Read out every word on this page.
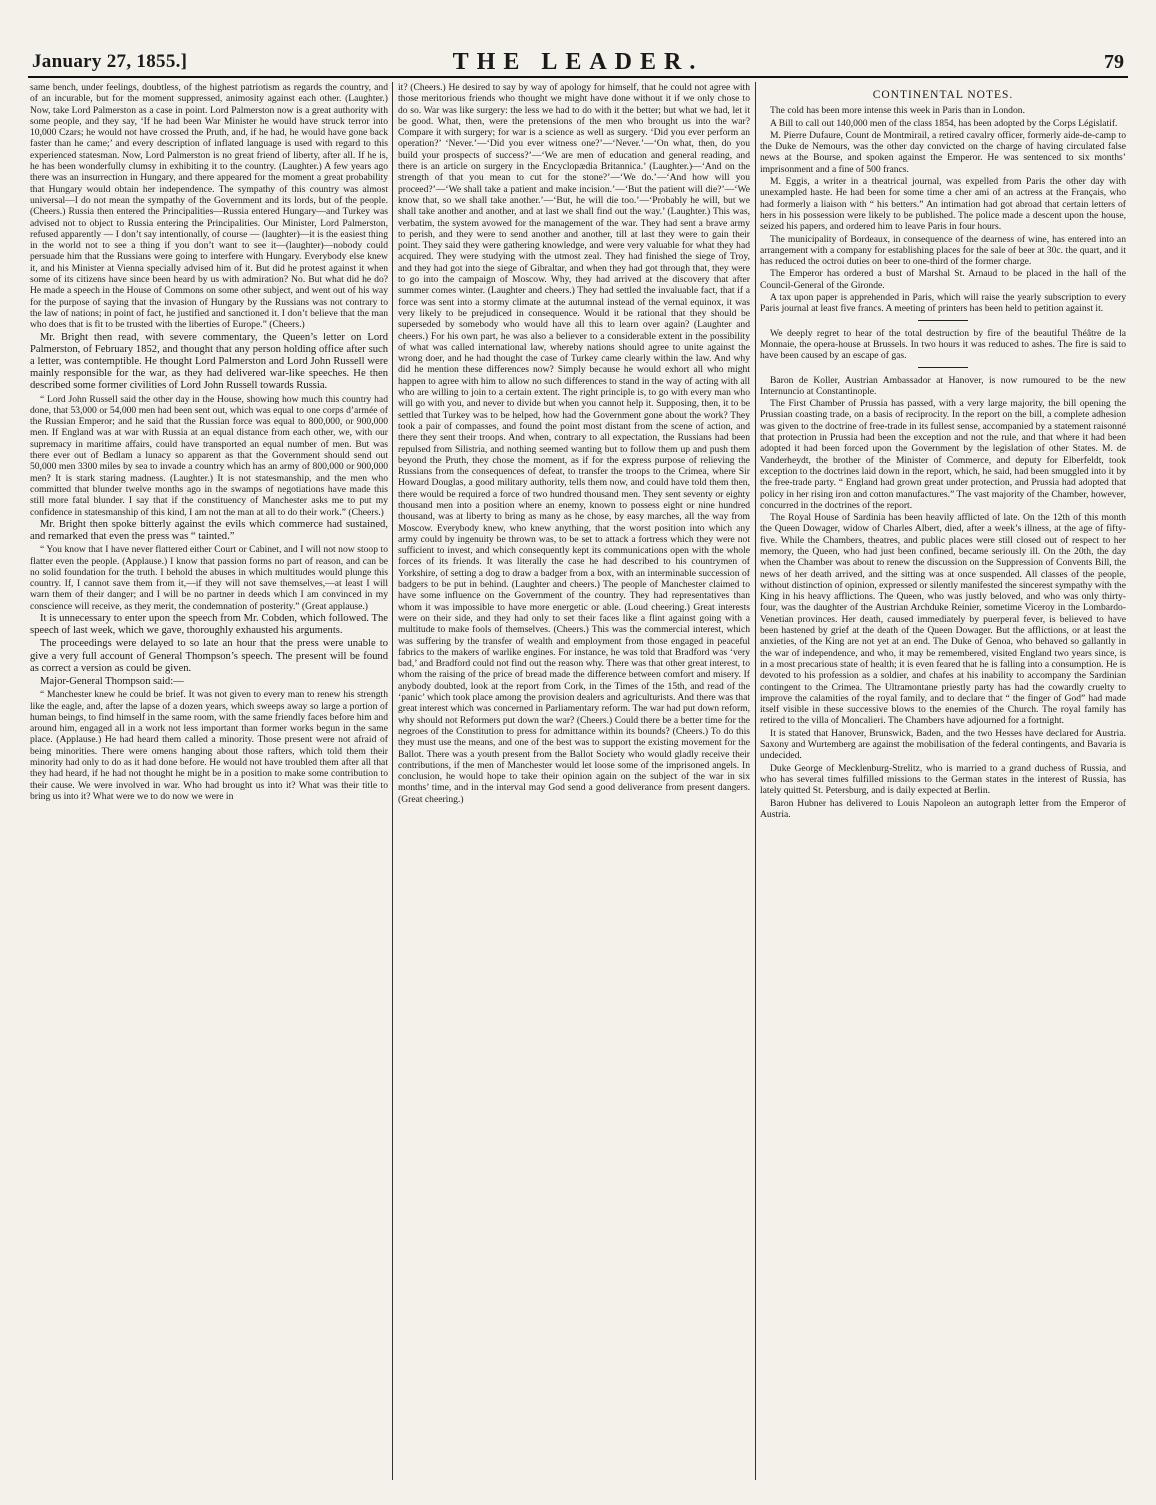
January 27, 1855.]	THE LEADER.	79

same bench, under feelings, doubtless, of the highest patriotism as regards the country, and of an incurable, but for the moment suppressed, animosity against each other. (Laughter.) Now, take Lord Palmerston as a case in point. Lord Palmerston now is a great authority with some people, and they say, ‘If he had been War Minister he would have struck terror into 10,000 Czars; he would not have crossed the Pruth, and, if he had, he would have gone back faster than he came;’ and every description of inflated language is used with regard to this experienced statesman. Now, Lord Palmerston is no great friend of liberty, after all. If he is, he has been wonderfully clumsy in exhibiting it to the country. (Laughter.) A few years ago there was an insurrection in Hungary, and there appeared for the moment a great probability that Hungary would obtain her independence. The sympathy of this country was almost universal—I do not mean the sympathy of the Government and its lords, but of the people. (Cheers.) Russia then entered the Principalities—Russia entered Hungary—and Turkey was advised not to object to Russia entering the Principalities. Our Minister, Lord Palmerston, refused apparently — I don’t say intentionally, of course — (laughter)—it is the easiest thing in the world not to see a thing if you don’t want to see it—(laughter)—nobody could persuade him that the Russians were going to interfere with Hungary. Everybody else knew it, and his Minister at Vienna specially advised him of it. But did he protest against it when some of its citizens have since been heard by us with admiration? No. But what did he do? He made a speech in the House of Commons on some other subject, and went out of his way for the purpose of saying that the invasion of Hungary by the Russians was not contrary to the law of nations; in point of fact, he justified and sanctioned it. I don’t believe that the man who does that is fit to be trusted with the liberties of Europe.” (Cheers.)

Mr. Bright then read, with severe commentary, the Queen’s letter on Lord Palmerston, of February 1852, and thought that any person holding office after such a letter, was contemptible. He thought Lord Palmerston and Lord John Russell were mainly responsible for the war, as they had delivered war-like speeches. He then described some former civilities of Lord John Russell towards Russia.

“ Lord John Russell said the other day in the House, showing how much this country had done, that 53,000 or 54,000 men had been sent out, which was equal to one corps d’armée of the Russian Emperor; and he said that the Russian force was equal to 800,000, or 900,000 men. If England was at war with Russia at an equal distance from each other, we, with our supremacy in maritime affairs, could have transported an equal number of men. But was there ever out of Bedlam a lunacy so apparent as that the Government should send out 50,000 men 3300 miles by sea to invade a country which has an army of 800,000 or 900,000 men? It is stark staring madness. (Laughter.) It is not statesmanship, and the men who committed that blunder twelve months ago in the swamps of negotiations have made this still more fatal blunder. I say that if the constituency of Manchester asks me to put my confidence in statesmanship of this kind, I am not the man at all to do their work.” (Cheers.)

Mr. Bright then spoke bitterly against the evils which commerce had sustained, and remarked that even the press was “ tainted.”

“ You know that I have never flattered either Court or Cabinet, and I will not now stoop to flatter even the people. (Applause.) I know that passion forms no part of reason, and can be no solid foundation for the truth. I behold the abuses in which multitudes would plunge this country. If, I cannot save them from it,—if they will not save themselves,—at least I will warn them of their danger; and I will be no partner in deeds which I am convinced in my conscience will receive, as they merit, the condemnation of posterity.” (Great applause.)

It is unnecessary to enter upon the speech from Mr. Cobden, which followed. The speech of last week, which we gave, thoroughly exhausted his arguments.

The proceedings were delayed to so late an hour that the press were unable to give a very full account of General Thompson’s speech. The present will be found as correct a version as could be given.

Major-General Thompson said:—

“ Manchester knew he could be brief. It was not given to every man to renew his strength like the eagle, and, after the lapse of a dozen years, which sweeps away so large a portion of human beings, to find himself in the same room, with the same friendly faces before him and around him, engaged all in a work not less important than former works begun in the same place. (Applause.) He had heard them called a minority. Those present were not afraid of being minorities. There were omens hanging about those rafters, which told them their minority had only to do as it had done before. He would not have troubled them after all that they had heard, if he had not thought he might be in a position to make some contribution to their cause. We were involved in war. Who had brought us into it? What was their title to bring us into it? What were we to do now we were in

it? (Cheers.) He desired to say by way of apology for himself, that he could not agree with those meritorious friends who thought we might have done without it if we only chose to do so. War was like surgery: the less we had to do with it the better; but what we had, let it be good. What, then, were the pretensions of the men who brought us into the war? Compare it with surgery; for war is a science as well as surgery. ‘Did you ever perform an operation?’ ‘Never.’—‘Did you ever witness one?’—‘Never.’—‘On what, then, do you build your prospects of success?’—‘We are men of education and general reading, and there is an article on surgery in the Encyclopædia Britannica.’ (Laughter.)—‘And on the strength of that you mean to cut for the stone?’—‘We do.’—‘And how will you proceed?’—‘We shall take a patient and make incision.’—‘But the patient will die?’—‘We know that, so we shall take another.’—‘But, he will die too.’—‘Probably he will, but we shall take another and another, and at last we shall find out the way.’ (Laughter.) This was, verbatim, the system avowed for the management of the war. They had sent a brave army to perish, and they were to send another and another, till at last they were to gain their point. They said they were gathering knowledge, and were very valuable for what they had acquired. They were studying with the utmost zeal. They had finished the siege of Troy, and they had got into the siege of Gibraltar, and when they had got through that, they were to go into the campaign of Moscow. Why, they had arrived at the discovery that after summer comes winter. (Laughter and cheers.) They had settled the invaluable fact, that if a force was sent into a stormy climate at the autumnal instead of the vernal equinox, it was very likely to be prejudiced in consequence. Would it be rational that they should be superseded by somebody who would have all this to learn over again? (Laughter and cheers.) For his own part, he was also a believer to a considerable extent in the possibility of what was called international law, whereby nations should agree to unite against the wrong doer, and he had thought the case of Turkey came clearly within the law. And why did he mention these differences now? Simply because he would exhort all who might happen to agree with him to allow no such differences to stand in the way of acting with all who are willing to join to a certain extent. The right principle is, to go with every man who will go with you, and never to divide but when you cannot help it. Supposing, then, it to be settled that Turkey was to be helped, how had the Government gone about the work? They took a pair of compasses, and found the point most distant from the scene of action, and there they sent their troops. And when, contrary to all expectation, the Russians had been repulsed from Silistria, and nothing seemed wanting but to follow them up and push them beyond the Pruth, they chose the moment, as if for the express purpose of relieving the Russians from the consequences of defeat, to transfer the troops to the Crimea, where Sir Howard Douglas, a good military authority, tells them now, and could have told them then, there would be required a force of two hundred thousand men. They sent seventy or eighty thousand men into a position where an enemy, known to possess eight or nine hundred thousand, was at liberty to bring as many as he chose, by easy marches, all the way from Moscow. Everybody knew, who knew anything, that the worst position into which any army could by ingenuity be thrown was, to be set to attack a fortress which they were not sufficient to invest, and which consequently kept its communications open with the whole forces of its friends. It was literally the case he had described to his countrymen of Yorkshire, of setting a dog to draw a badger from a box, with an interminable succession of badgers to be put in behind. (Laughter and cheers.) The people of Manchester claimed to have some influence on the Government of the country. They had representatives than whom it was impossible to have more energetic or able. (Loud cheering.) Great interests were on their side, and they had only to set their faces like a flint against going with a multitude to make fools of themselves. (Cheers.) This was the commercial interest, which was suffering by the transfer of wealth and employment from those engaged in peaceful fabrics to the makers of warlike engines. For instance, he was told that Bradford was ‘very bad,’ and Bradford could not find out the reason why. There was that other great interest, to whom the raising of the price of bread made the difference between comfort and misery. If anybody doubted, look at the report from Cork, in the Times of the 15th, and read of the ‘panic’ which took place among the provision dealers and agriculturists. And there was that great interest which was concerned in Parliamentary reform. The war had put down reform, why should not Reformers put down the war? (Cheers.) Could there be a better time for the negroes of the Constitution to press for admittance within its bounds? (Cheers.) To do this they must use the means, and one of the best was to support the existing movement for the Ballot. There was a youth present from the Ballot Society who would gladly receive their contributions, if the men of Manchester would let loose some of the imprisoned angels. In conclusion, he would hope to take their opinion again on the subject of the war in six months’ time, and in the interval may God send a good deliverance from present dangers. (Great cheering.)

CONTINENTAL NOTES.

The cold has been more intense this week in Paris than in London.

A Bill to call out 140,000 men of the class 1854, has been adopted by the Corps Législatif.

M. Pierre Dufaure, Count de Montmirail, a retired cavalry officer, formerly aide-de-camp to the Duke de Nemours, was the other day convicted on the charge of having circulated false news at the Bourse, and spoken against the Emperor. He was sentenced to six months’ imprisonment and a fine of 500 francs.

M. Eggis, a writer in a theatrical journal, was expelled from Paris the other day with unexampled haste. He had been for some time a cher ami of an actress at the Français, who had formerly a liaison with “ his betters.” An intimation had got abroad that certain letters of hers in his possession were likely to be published. The police made a descent upon the house, seized his papers, and ordered him to leave Paris in four hours.

The municipality of Bordeaux, in consequence of the dearness of wine, has entered into an arrangement with a company for establishing places for the sale of beer at 30c. the quart, and it has reduced the octroi duties on beer to one-third of the former charge.

The Emperor has ordered a bust of Marshal St. Arnaud to be placed in the hall of the Council-General of the Gironde.

A tax upon paper is apprehended in Paris, which will raise the yearly subscription to every Paris journal at least five francs. A meeting of printers has been held to petition against it.

We deeply regret to hear of the total destruction by fire of the beautiful Théâtre de la Monnaie, the opera-house at Brussels. In two hours it was reduced to ashes. The fire is said to have been caused by an escape of gas.

Baron de Koller, Austrian Ambassador at Hanover, is now rumoured to be the new Internuncio at Constantinople.

The First Chamber of Prussia has passed, with a very large majority, the bill opening the Prussian coasting trade, on a basis of reciprocity. In the report on the bill, a complete adhesion was given to the doctrine of free-trade in its fullest sense, accompanied by a statement raisonné that protection in Prussia had been the exception and not the rule, and that where it had been adopted it had been forced upon the Government by the legislation of other States. M. de Vanderheydt, the brother of the Minister of Commerce, and deputy for Elberfeldt, took exception to the doctrines laid down in the report, which, he said, had been smuggled into it by the free-trade party. “ England had grown great under protection, and Prussia had adopted that policy in her rising iron and cotton manufactures.” The vast majority of the Chamber, however, concurred in the doctrines of the report.

The Royal House of Sardinia has been heavily afflicted of late. On the 12th of this month the Queen Dowager, widow of Charles Albert, died, after a week’s illness, at the age of fifty-five. While the Chambers, theatres, and public places were still closed out of respect to her memory, the Queen, who had just been confined, became seriously ill. On the 20th, the day when the Chamber was about to renew the discussion on the Suppression of Convents Bill, the news of her death arrived, and the sitting was at once suspended. All classes of the people, without distinction of opinion, expressed or silently manifested the sincerest sympathy with the King in his heavy afflictions. The Queen, who was justly beloved, and who was only thirty-four, was the daughter of the Austrian Archduke Reinier, sometime Viceroy in the Lombardo-Venetian provinces. Her death, caused immediately by puerperal fever, is believed to have been hastened by grief at the death of the Queen Dowager. But the afflictions, or at least the anxieties, of the King are not yet at an end. The Duke of Genoa, who behaved so gallantly in the war of independence, and who, it may be remembered, visited England two years since, is in a most precarious state of health; it is even feared that he is falling into a consumption. He is devoted to his profession as a soldier, and chafes at his inability to accompany the Sardinian contingent to the Crimea. The Ultramontane priestly party has had the cowardly cruelty to improve the calamities of the royal family, and to declare that “ the finger of God” had made itself visible in these successive blows to the enemies of the Church. The royal family has retired to the villa of Moncalieri. The Chambers have adjourned for a fortnight.

It is stated that Hanover, Brunswick, Baden, and the two Hesses have declared for Austria. Saxony and Wurtemberg are against the mobilisation of the federal contingents, and Bavaria is undecided.

Duke George of Mecklenburg-Strelitz, who is married to a grand duchess of Russia, and who has several times fulfilled missions to the German states in the interest of Russia, has lately quitted St. Petersburg, and is daily expected at Berlin.

Baron Hubner has delivered to Louis Napoleon an autograph letter from the Emperor of Austria.
